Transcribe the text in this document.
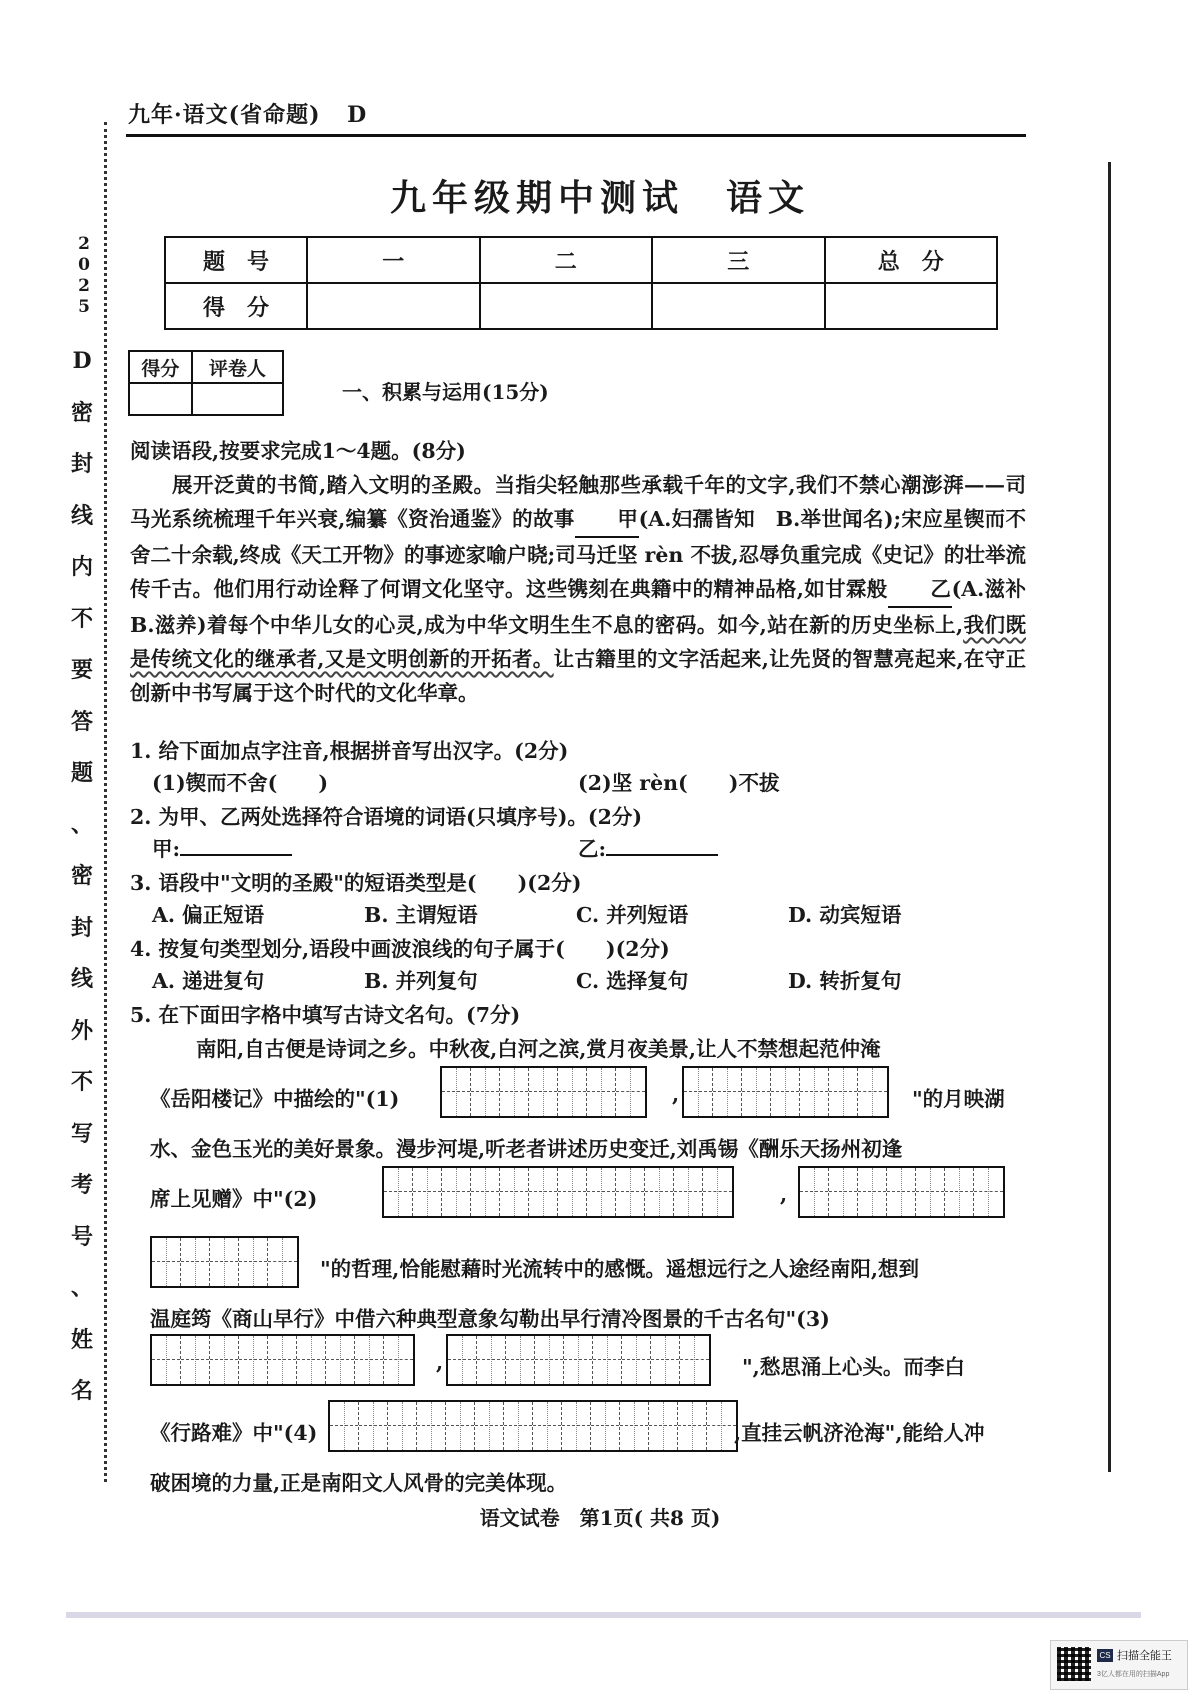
2
0
2
5
D
密
封
线
内
不
要
答
题
、
密
封
线
外
不
写
考
号
、
姓
名
九年·语文(省命题) D
九年级期中测试　语文
题　号	一	二	三	总　分
得　分				
得分	评卷人

一、积累与运用(15分)
阅读语段,按要求完成1～4题。(8分)
展开泛黄的书简,踏入文明的圣殿。当指尖轻触那些承载千年的文字,我们不禁心潮澎湃——司马光系统梳理千年兴衰,编纂《资治通鉴》的故事 甲(A.妇孺皆知　B.举世闻名);宋应星锲而不舍二十余载,终成《天工开物》的事迹家喻户晓;司马迁坚 rèn 不拔,忍辱负重完成《史记》的壮举流传千古。他们用行动诠释了何谓文化坚守。这些镌刻在典籍中的精神品格,如甘霖般 乙(A.滋补　B.滋养)着每个中华儿女的心灵,成为中华文明生生不息的密码。如今,站在新的历史坐标上,我们既是传统文化的继承者,又是文明创新的开拓者。让古籍里的文字活起来,让先贤的智慧亮起来,在守正创新中书写属于这个时代的文化华章。
1. 给下面加点字注音,根据拼音写出汉字。(2分)
(1)锲而不舍(　　)	(2)坚 rèn(　　)不拔
2. 为甲、乙两处选择符合语境的词语(只填序号)。(2分)
甲:	乙:
3. 语段中"文明的圣殿"的短语类型是(　　)(2分)
A. 偏正短语	B. 主谓短语	C. 并列短语	D. 动宾短语
4. 按复句类型划分,语段中画波浪线的句子属于(　　)(2分)
A. 递进复句	B. 并列复句	C. 选择复句	D. 转折复句
5. 在下面田字格中填写古诗文名句。(7分)
南阳,自古便是诗词之乡。中秋夜,白河之滨,赏月夜美景,让人不禁想起范仲淹
《岳阳楼记》中描绘的"(1)	,	"的月映湖
水、金色玉光的美好景象。漫步河堤,听老者讲述历史变迁,刘禹锡《酬乐天扬州初逢
席上见赠》中"(2)	,
"的哲理,恰能慰藉时光流转中的感慨。遥想远行之人途经南阳,想到
温庭筠《商山早行》中借六种典型意象勾勒出早行清冷图景的千古名句"(3)
,	",愁思涌上心头。而李白
《行路难》中"(4)	,直挂云帆济沧海",能给人冲
破困境的力量,正是南阳文人风骨的完美体现。
语文试卷　第1页( 共8 页)
CS 扫描全能王
3亿人都在用的扫描App
